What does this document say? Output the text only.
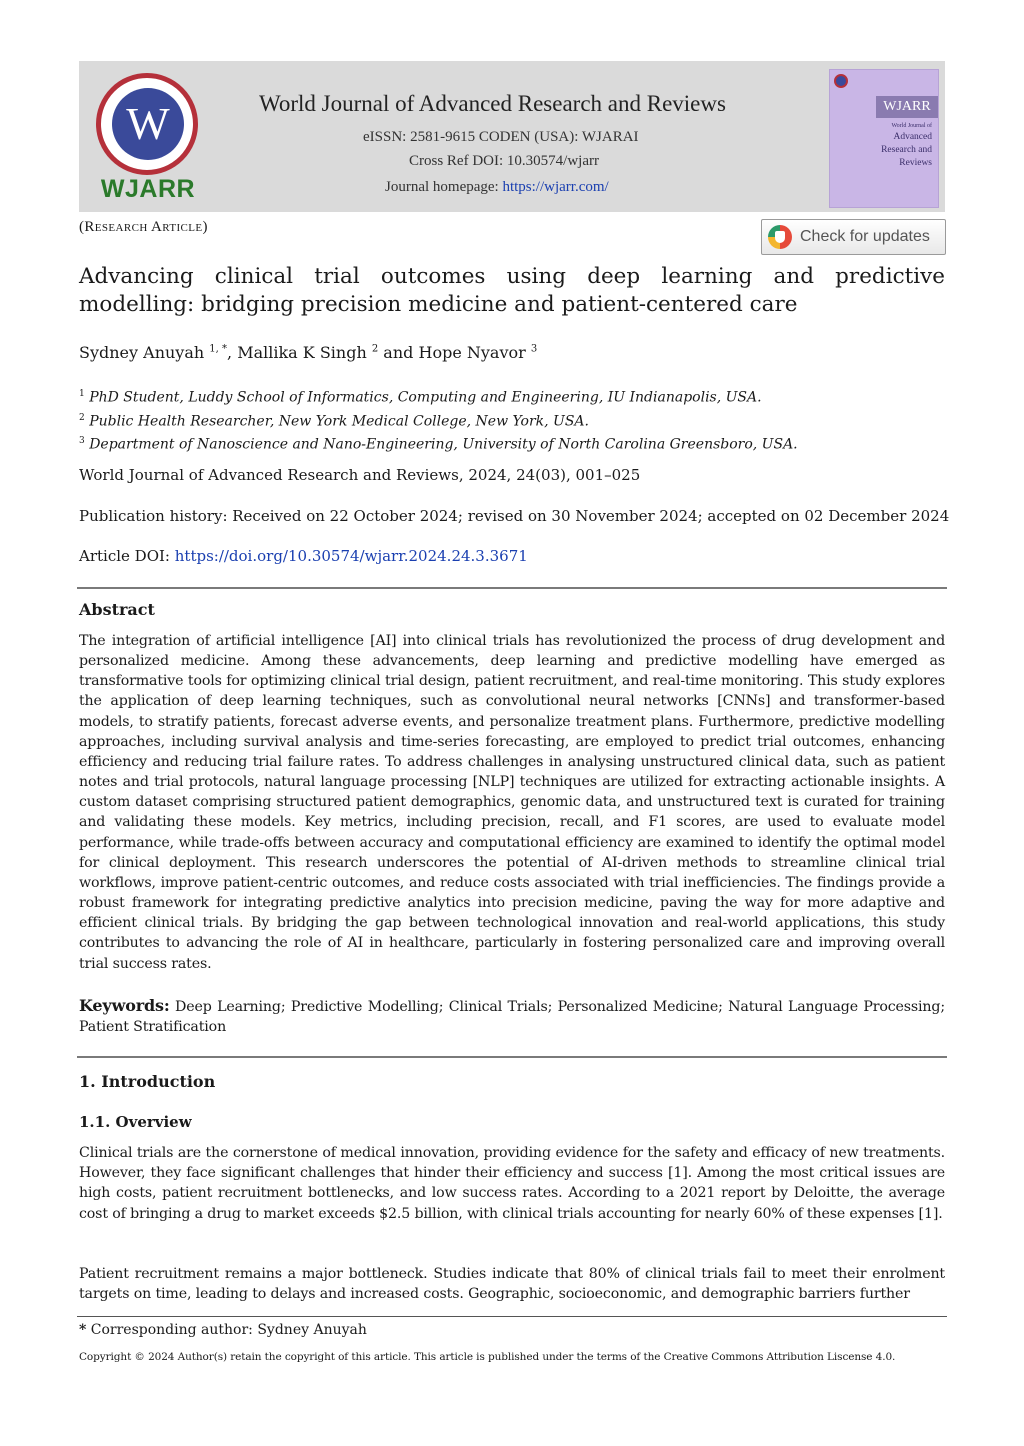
W
WJARR
World Journal of Advanced Research and Reviews
eISSN: 2581-9615 CODEN (USA): WJARAI
Cross Ref DOI: 10.30574/wjarr
Journal homepage: https://wjarr.com/
WJARR
World Journal of
Advanced Research and Reviews
(Research Article)
Check for updates
Advancing clinical trial outcomes using deep learning and predictive modelling: bridging precision medicine and patient-centered care
Sydney Anuyah $^{1, *}$, Mallika K Singh $^2$ and Hope Nyavor $^3$
$^1$ PhD Student, Luddy School of Informatics, Computing and Engineering, IU Indianapolis, USA.
$^2$ Public Health Researcher, New York Medical College, New York, USA.
$^3$ Department of Nanoscience and Nano-Engineering, University of North Carolina Greensboro, USA.
World Journal of Advanced Research and Reviews, 2024, 24(03), 001–025
Publication history: Received on 22 October 2024; revised on 30 November 2024; accepted on 02 December 2024
Article DOI: https://doi.org/10.30574/wjarr.2024.24.3.3671
Abstract

The integration of artificial intelligence [AI] into clinical trials has revolutionized the process of drug development and personalized medicine. Among these advancements, deep learning and predictive modelling have emerged as transformative tools for optimizing clinical trial design, patient recruitment, and real-time monitoring. This study explores the application of deep learning techniques, such as convolutional neural networks [CNNs] and transformer-based models, to stratify patients, forecast adverse events, and personalize treatment plans. Furthermore, predictive modelling approaches, including survival analysis and time-series forecasting, are employed to predict trial outcomes, enhancing efficiency and reducing trial failure rates. To address challenges in analysing unstructured clinical data, such as patient notes and trial protocols, natural language processing [NLP] techniques are utilized for extracting actionable insights. A custom dataset comprising structured patient demographics, genomic data, and unstructured text is curated for training and validating these models. Key metrics, including precision, recall, and F1 scores, are used to evaluate model performance, while trade-offs between accuracy and computational efficiency are examined to identify the optimal model for clinical deployment. This research underscores the potential of AI-driven methods to streamline clinical trial workflows, improve patient-centric outcomes, and reduce costs associated with trial inefficiencies. The findings provide a robust framework for integrating predictive analytics into precision medicine, paving the way for more adaptive and efficient clinical trials. By bridging the gap between technological innovation and real-world applications, this study contributes to advancing the role of AI in healthcare, particularly in fostering personalized care and improving overall trial success rates.

Keywords: Deep Learning; Predictive Modelling; Clinical Trials; Personalized Medicine; Natural Language Processing; Patient Stratification

1. Introduction
1.1. Overview

Clinical trials are the cornerstone of medical innovation, providing evidence for the safety and efficacy of new treatments. However, they face significant challenges that hinder their efficiency and success [1]. Among the most critical issues are high costs, patient recruitment bottlenecks, and low success rates. According to a 2021 report by Deloitte, the average cost of bringing a drug to market exceeds $2.5 billion, with clinical trials accounting for nearly 60% of these expenses [1].

Patient recruitment remains a major bottleneck. Studies indicate that 80% of clinical trials fail to meet their enrolment targets on time, leading to delays and increased costs. Geographic, socioeconomic, and demographic barriers further

* Corresponding author: Sydney Anuyah
Copyright © 2024 Author(s) retain the copyright of this article. This article is published under the terms of the Creative Commons Attribution Liscense 4.0.
